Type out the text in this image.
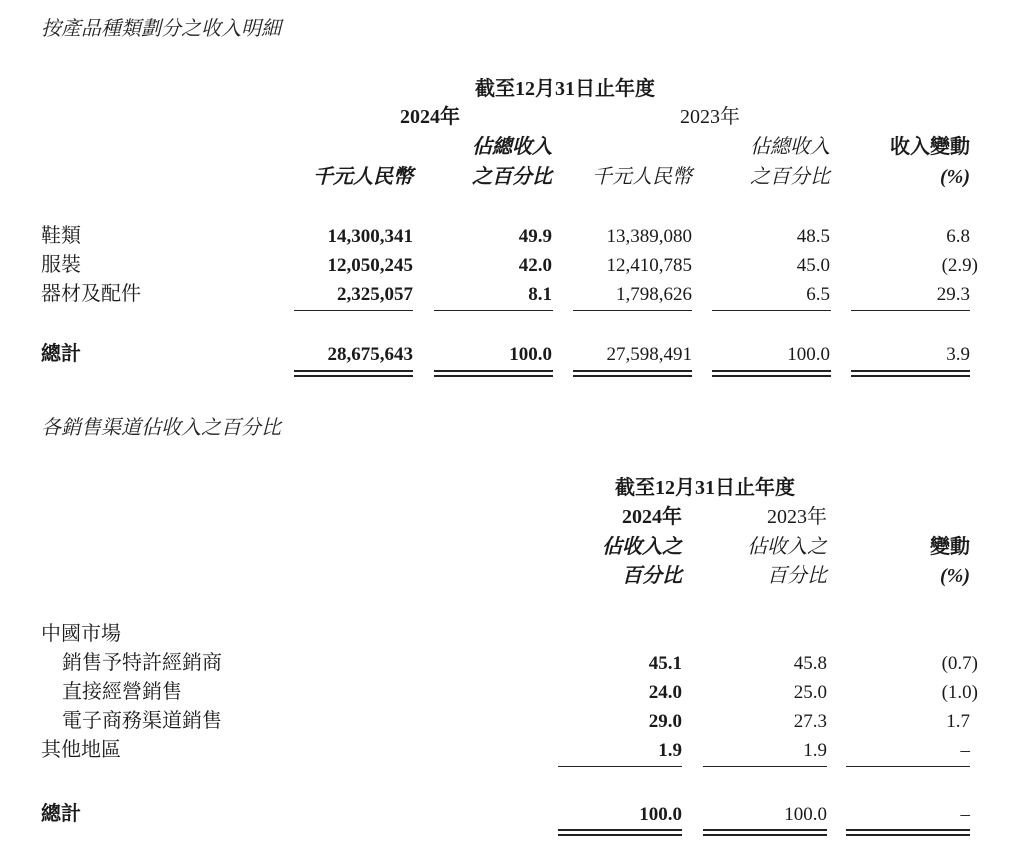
按產品種類劃分之收入明細
截至12月31日止年度
2024年	2023年
佔總收入	佔總收入	收入變動
千元人民幣	之百分比	千元人民幣	之百分比	(%)
鞋類	14,300,341	49.9	13,389,080	48.5	6.8
服裝	12,050,245	42.0	12,410,785	45.0	(2.9)
器材及配件	2,325,057	8.1	1,798,626	6.5	29.3
總計	28,675,643	100.0	27,598,491	100.0	3.9
各銷售渠道佔收入之百分比
截至12月31日止年度
2024年	2023年
佔收入之	佔收入之	變動
百分比	百分比	(%)
中國市場
銷售予特許經銷商	45.1	45.8	(0.7)
直接經營銷售	24.0	25.0	(1.0)
電子商務渠道銷售	29.0	27.3	1.7
其他地區	1.9	1.9	–
總計	100.0	100.0	–
